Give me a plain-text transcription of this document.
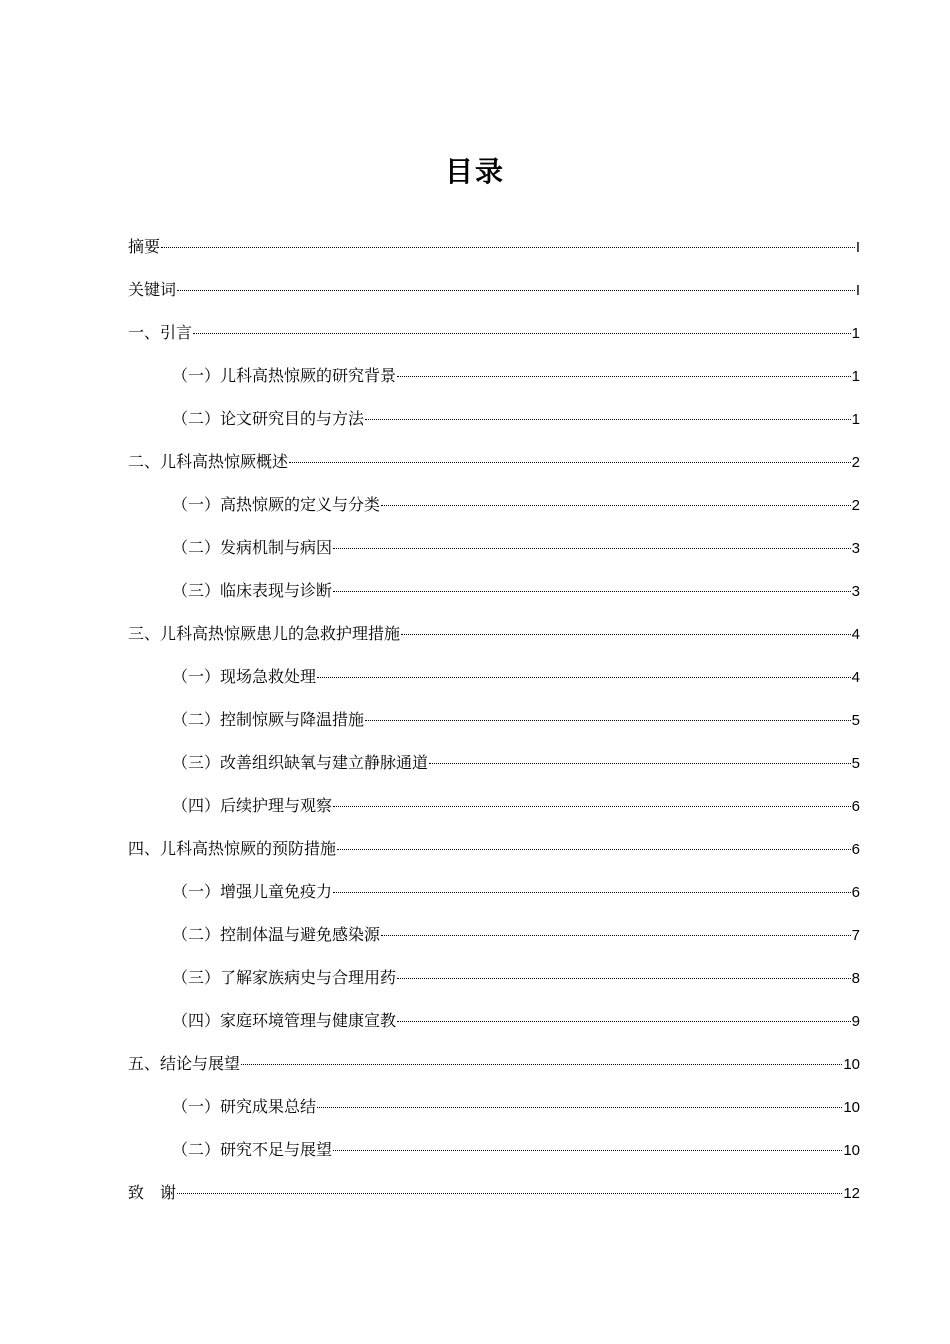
目录
摘要	I
关键词	I
一、引言	1
（一）儿科高热惊厥的研究背景	1
（二）论文研究目的与方法	1
二、儿科高热惊厥概述	2
（一）高热惊厥的定义与分类	2
（二）发病机制与病因	3
（三）临床表现与诊断	3
三、儿科高热惊厥患儿的急救护理措施	4
（一）现场急救处理	4
（二）控制惊厥与降温措施	5
（三）改善组织缺氧与建立静脉通道	5
（四）后续护理与观察	6
四、儿科高热惊厥的预防措施	6
（一）增强儿童免疫力	6
（二）控制体温与避免感染源	7
（三）了解家族病史与合理用药	8
（四）家庭环境管理与健康宣教	9
五、结论与展望	10
（一）研究成果总结	10
（二）研究不足与展望	10
致　谢	12
